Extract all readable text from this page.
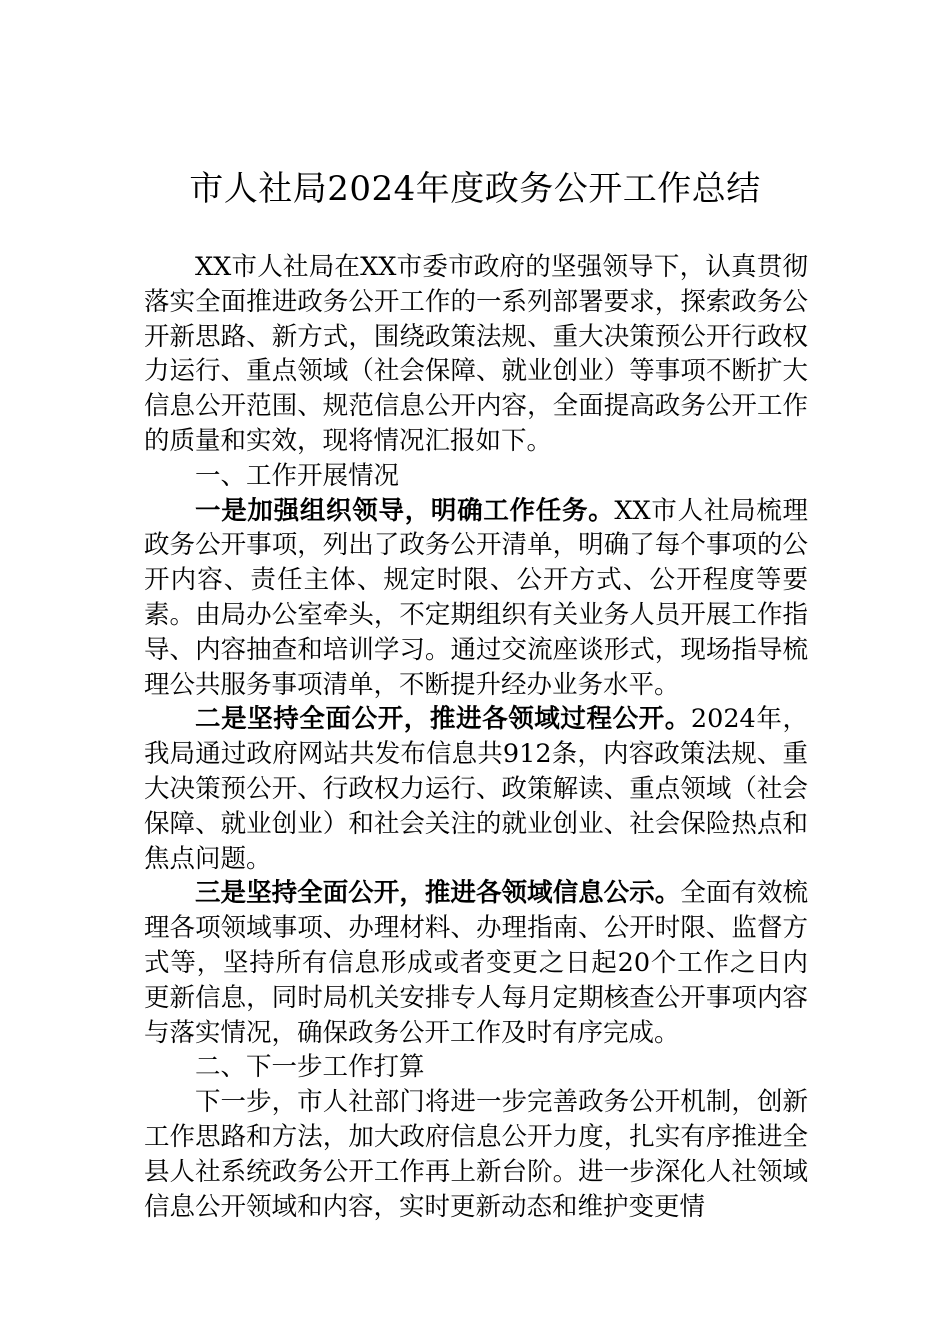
市人社局2024年度政务公开工作总结

XX市人社局在XX市委市政府的坚强领导下，认真贯彻落实全面推进政务公开工作的一系列部署要求，探索政务公开新思路、新方式，围绕政策法规、重大决策预公开行政权力运行、重点领域（社会保障、就业创业）等事项不断扩大信息公开范围、规范信息公开内容，全面提高政务公开工作的质量和实效，现将情况汇报如下。

一、工作开展情况

一是加强组织领导，明确工作任务。XX市人社局梳理政务公开事项，列出了政务公开清单，明确了每个事项的公开内容、责任主体、规定时限、公开方式、公开程度等要素。由局办公室牵头，不定期组织有关业务人员开展工作指导、内容抽查和培训学习。通过交流座谈形式，现场指导梳理公共服务事项清单，不断提升经办业务水平。

二是坚持全面公开，推进各领域过程公开。2024年，我局通过政府网站共发布信息共912条，内容政策法规、重大决策预公开、行政权力运行、政策解读、重点领域（社会保障、就业创业）和社会关注的就业创业、社会保险热点和焦点问题。

三是坚持全面公开，推进各领域信息公示。全面有效梳理各项领域事项、办理材料、办理指南、公开时限、监督方式等，坚持所有信息形成或者变更之日起20个工作之日内更新信息，同时局机关安排专人每月定期核查公开事项内容与落实情况，确保政务公开工作及时有序完成。

二、下一步工作打算

下一步，市人社部门将进一步完善政务公开机制，创新工作思路和方法，加大政府信息公开力度，扎实有序推进全县人社系统政务公开工作再上新台阶。进一步深化人社领域信息公开领域和内容，实时更新动态和维护变更情
